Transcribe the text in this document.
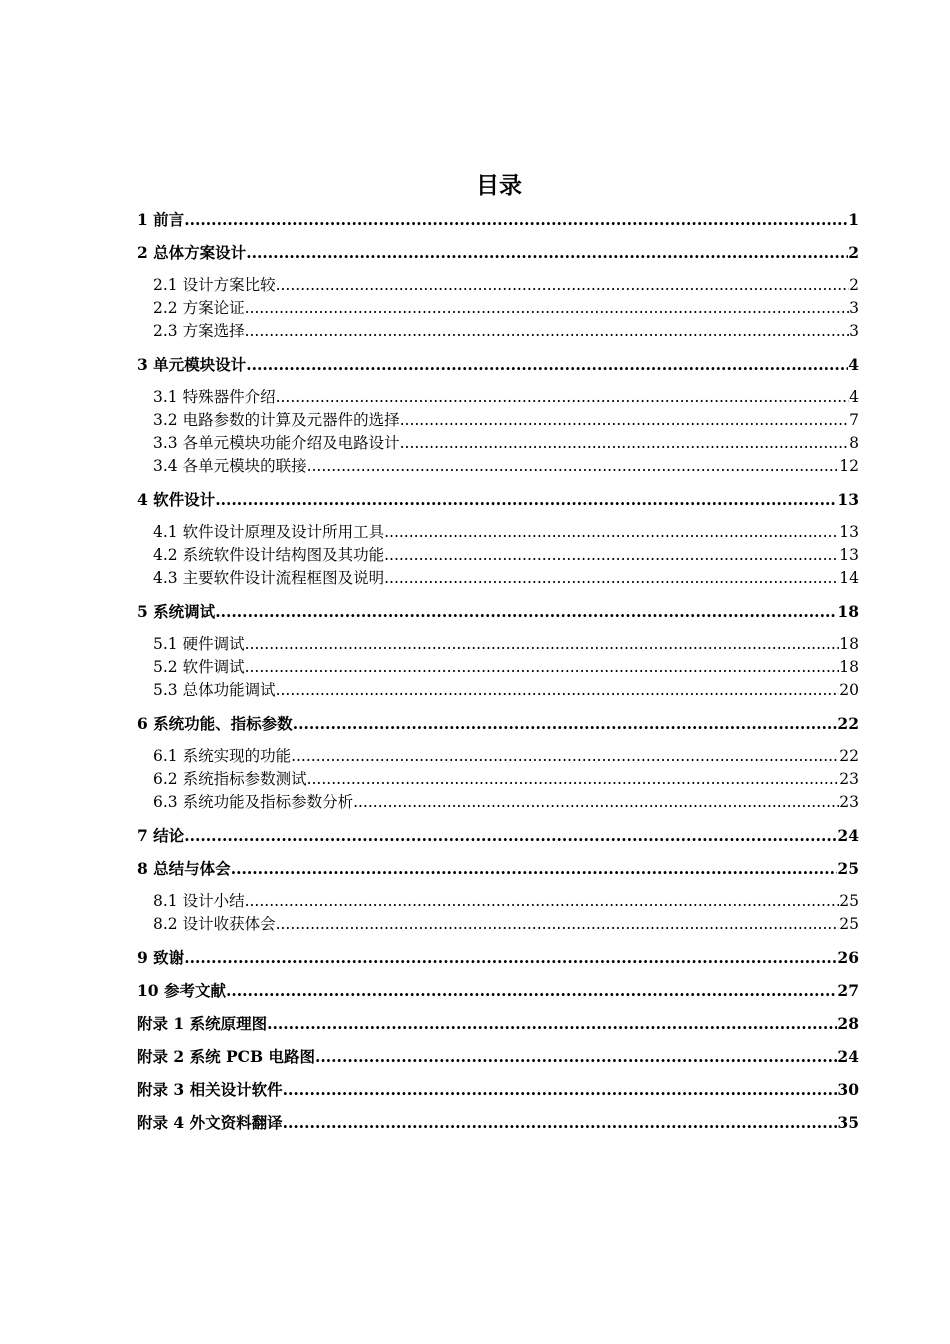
目录
1 前言 .....	1
2 总体方案设计 .....	2
2.1 设计方案比较 .....	2
2.2 方案论证 .....	3
2.3 方案选择 .....	3
3 单元模块设计 .....	4
3.1 特殊器件介绍 .....	4
3.2 电路参数的计算及元器件的选择 .....	7
3.3 各单元模块功能介绍及电路设计 .....	8
3.4 各单元模块的联接 .....	12
4 软件设计 .....	13
4.1 软件设计原理及设计所用工具 .....	13
4.2 系统软件设计结构图及其功能 .....	13
4.3 主要软件设计流程框图及说明 .....	14
5 系统调试 .....	18
5.1 硬件调试 .....	18
5.2 软件调试 .....	18
5.3 总体功能调试 .....	20
6 系统功能、指标参数 .....	22
6.1 系统实现的功能 .....	22
6.2 系统指标参数测试 .....	23
6.3 系统功能及指标参数分析 .....	23
7 结论 .....	24
8 总结与体会 .....	25
8.1 设计小结 .....	25
8.2 设计收获体会 .....	25
9 致谢 .....	26
10 参考文献 .....	27
附录 1 系统原理图 .....	28
附录 2 系统 PCB 电路图 .....	24
附录 3 相关设计软件 .....	30
附录 4 外文资料翻译 .....	35
